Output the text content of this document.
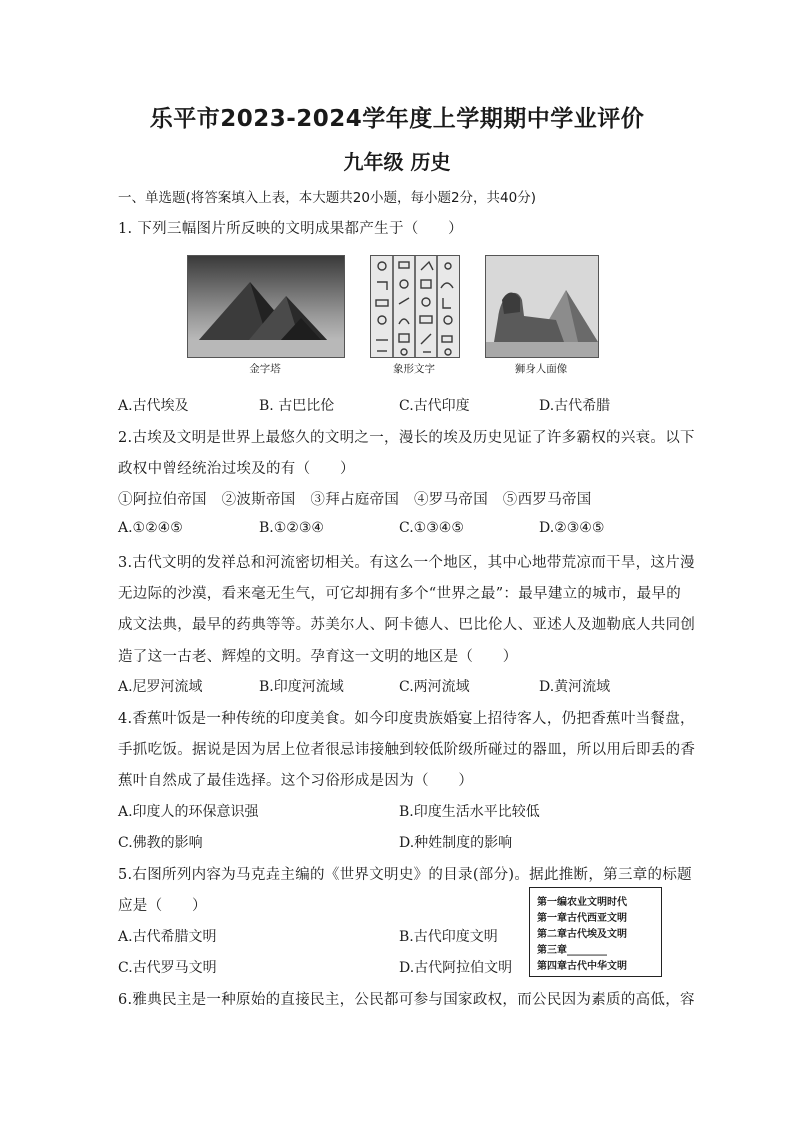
乐平市2023-2024学年度上学期期中学业评价
九年级 历史
一、单选题(将答案填入上表，本大题共20小题，每小题2分，共40分)
1. 下列三幅图片所反映的文明成果都产生于（　　）
金字塔	象形文字	狮身人面像
A.古代埃及	B. 古巴比伦	C.古代印度	D.古代希腊
2.古埃及文明是世界上最悠久的文明之一，漫长的埃及历史见证了许多霸权的兴衰。以下
政权中曾经统治过埃及的有（　　）
①阿拉伯帝国　②波斯帝国　③拜占庭帝国　④罗马帝国　⑤西罗马帝国
A.①②④⑤	B.①②③④	C.①③④⑤	D.②③④⑤
3.古代文明的发祥总和河流密切相关。有这么一个地区，其中心地带荒凉而干旱，这片漫
无边际的沙漠，看来毫无生气，可它却拥有多个“世界之最”：最早建立的城市，最早的
成文法典，最早的药典等等。苏美尔人、阿卡德人、巴比伦人、亚述人及迦勒底人共同创
造了这一古老、辉煌的文明。孕育这一文明的地区是（　　）
A.尼罗河流域	B.印度河流域	C.两河流域	D.黄河流域
4.香蕉叶饭是一种传统的印度美食。如今印度贵族婚宴上招待客人，仍把香蕉叶当餐盘，
手抓吃饭。据说是因为居上位者很忌讳接触到较低阶级所碰过的器皿，所以用后即丢的香
蕉叶自然成了最佳选择。这个习俗形成是因为（　　）
A.印度人的环保意识强	B.印度生活水平比较低
C.佛教的影响	D.种姓制度的影响
5.右图所列内容为马克垚主编的《世界文明史》的目录(部分)。据此推断，第三章的标题
应是（　　）
A.古代希腊文明	B.古代印度文明
C.古代罗马文明	D.古代阿拉伯文明
第一编农业文明时代
第一章古代西亚文明
第二章古代埃及文明
第三章________
第四章古代中华文明
6.雅典民主是一种原始的直接民主，公民都可参与国家政权，而公民因为素质的高低，容
